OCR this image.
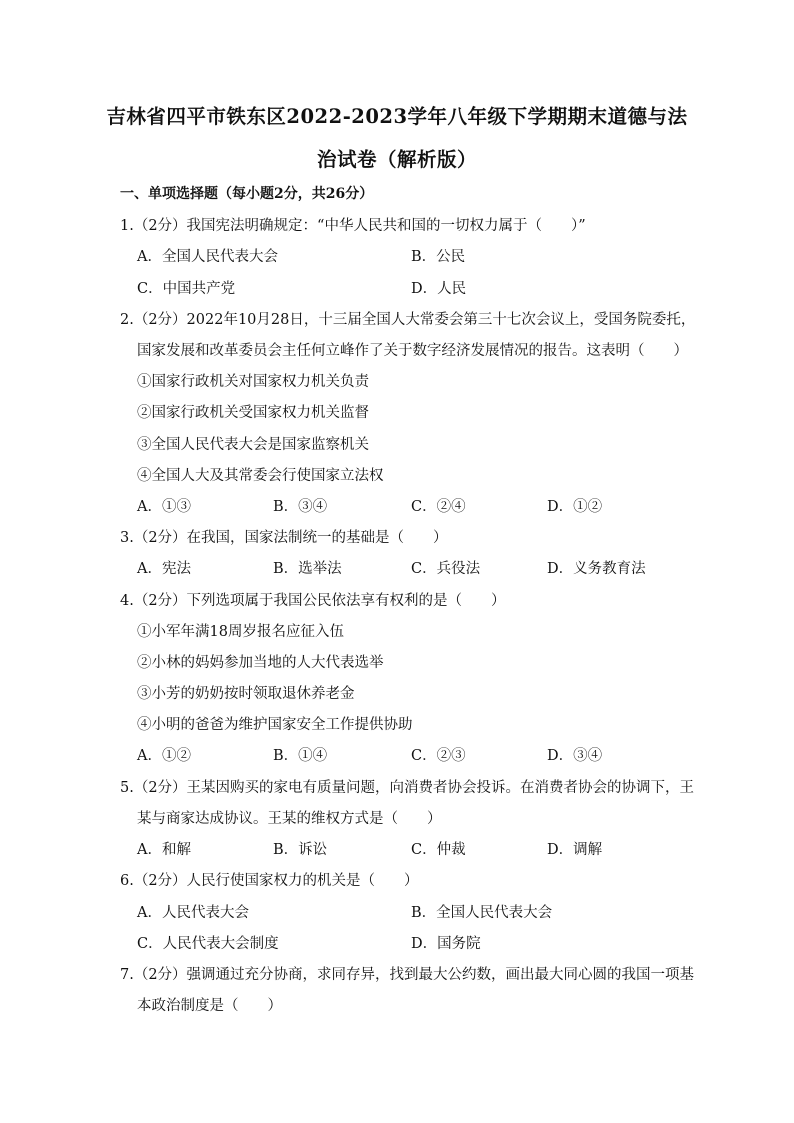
吉林省四平市铁东区2022-2023学年八年级下学期期末道德与法
治试卷（解析版）
一、单项选择题（每小题2分，共26分）
1.（2分）我国宪法明确规定：“中华人民共和国的一切权力属于（　　）”
A．全国人民代表大会	B．公民
C．中国共产党	D．人民
2.（2分）2022年10月28日，十三届全国人大常委会第三十七次会议上，受国务院委托，
国家发展和改革委员会主任何立峰作了关于数字经济发展情况的报告。这表明（　　）
①国家行政机关对国家权力机关负责
②国家行政机关受国家权力机关监督
③全国人民代表大会是国家监察机关
④全国人大及其常委会行使国家立法权
A．①③	B．③④	C．②④	D．①②
3.（2分）在我国，国家法制统一的基础是（　　）
A．宪法	B．选举法	C．兵役法	D．义务教育法
4.（2分）下列选项属于我国公民依法享有权利的是（　　）
①小军年满18周岁报名应征入伍
②小林的妈妈参加当地的人大代表选举
③小芳的奶奶按时领取退休养老金
④小明的爸爸为维护国家安全工作提供协助
A．①②	B．①④	C．②③	D．③④
5.（2分）王某因购买的家电有质量问题，向消费者协会投诉。在消费者协会的协调下，王
某与商家达成协议。王某的维权方式是（　　）
A．和解	B．诉讼	C．仲裁	D．调解
6.（2分）人民行使国家权力的机关是（　　）
A．人民代表大会	B．全国人民代表大会
C．人民代表大会制度	D．国务院
7.（2分）强调通过充分协商，求同存异，找到最大公约数，画出最大同心圆的我国一项基
本政治制度是（　　）
